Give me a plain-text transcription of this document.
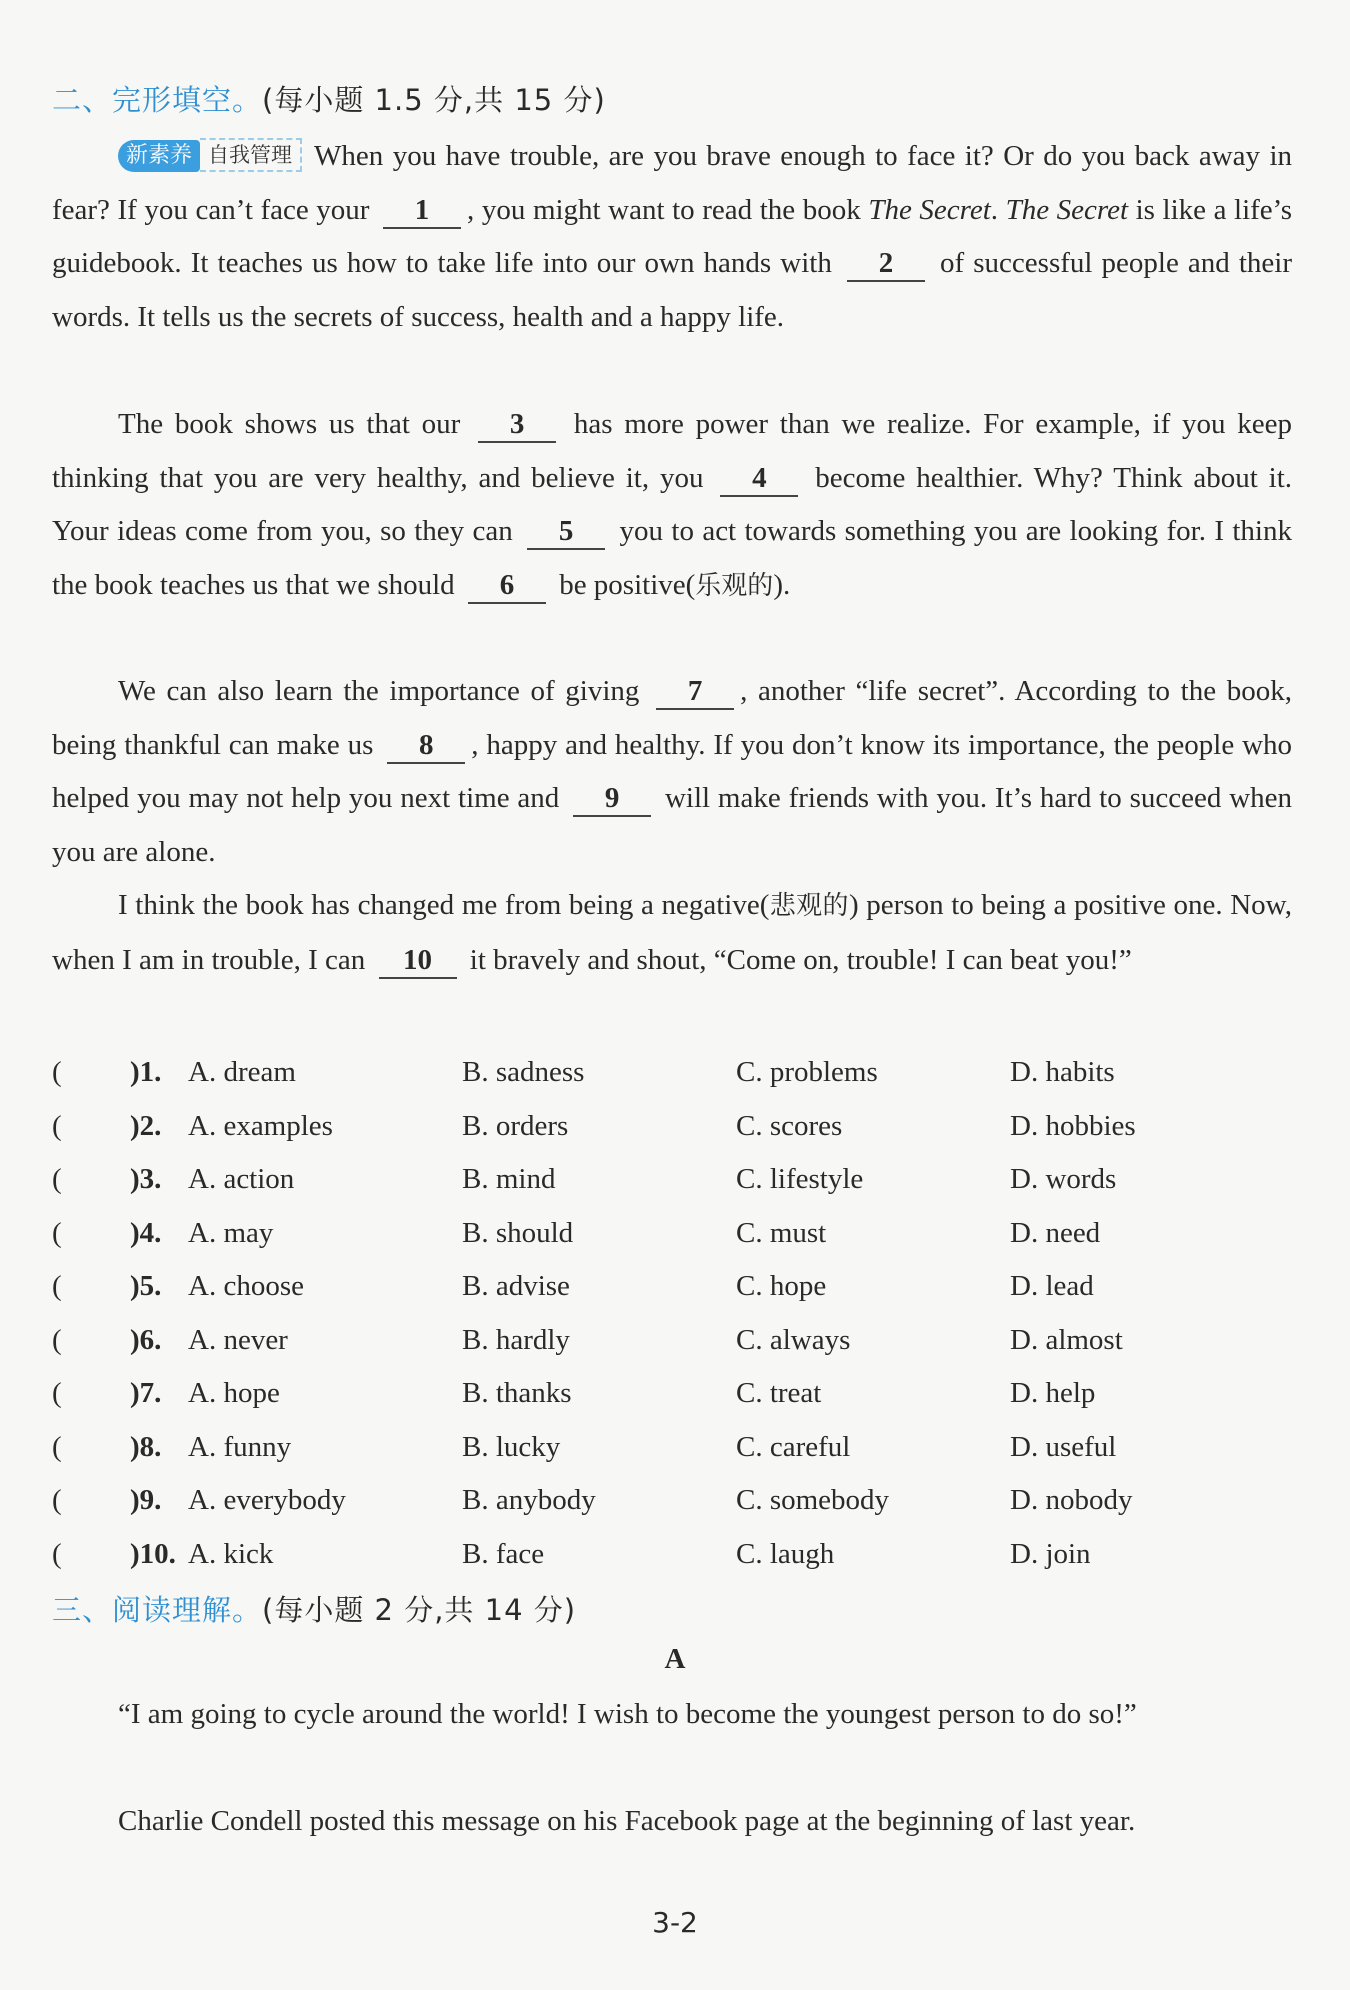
二、完形填空。(每小题 1.5 分,共 15 分)
新素养 自我管理 When you have trouble, are you brave enough to face it? Or do you back away in fear? If you can’t face your 1 , you might want to read the book The Secret. The Secret is like a life’s guidebook. It teaches us how to take life into our own hands with 2 of successful people and their words. It tells us the secrets of success, health and a happy life.
The book shows us that our 3 has more power than we realize. For example, if you keep thinking that you are very healthy, and believe it, you 4 become healthier. Why? Think about it. Your ideas come from you, so they can 5 you to act towards something you are looking for. I think the book teaches us that we should 6 be positive(乐观的).
We can also learn the importance of giving 7 , another “life secret”. According to the book, being thankful can make us 8 , happy and healthy. If you don’t know its importance, the people who helped you may not help you next time and 9 will make friends with you. It’s hard to succeed when you are alone.
I think the book has changed me from being a negative(悲观的) person to being a positive one. Now, when I am in trouble, I can 10 it bravely and shout, “Come on, trouble! I can beat you!”
( )1. A. dream	B. sadness	C. problems	D. habits
( )2. A. examples	B. orders	C. scores	D. hobbies
( )3. A. action	B. mind	C. lifestyle	D. words
( )4. A. may	B. should	C. must	D. need
( )5. A. choose	B. advise	C. hope	D. lead
( )6. A. never	B. hardly	C. always	D. almost
( )7. A. hope	B. thanks	C. treat	D. help
( )8. A. funny	B. lucky	C. careful	D. useful
( )9. A. everybody	B. anybody	C. somebody	D. nobody
( )10. A. kick	B. face	C. laugh	D. join
三、阅读理解。(每小题 2 分,共 14 分)
A
“I am going to cycle around the world! I wish to become the youngest person to do so!”
Charlie Condell posted this message on his Facebook page at the beginning of last year.
3-2
